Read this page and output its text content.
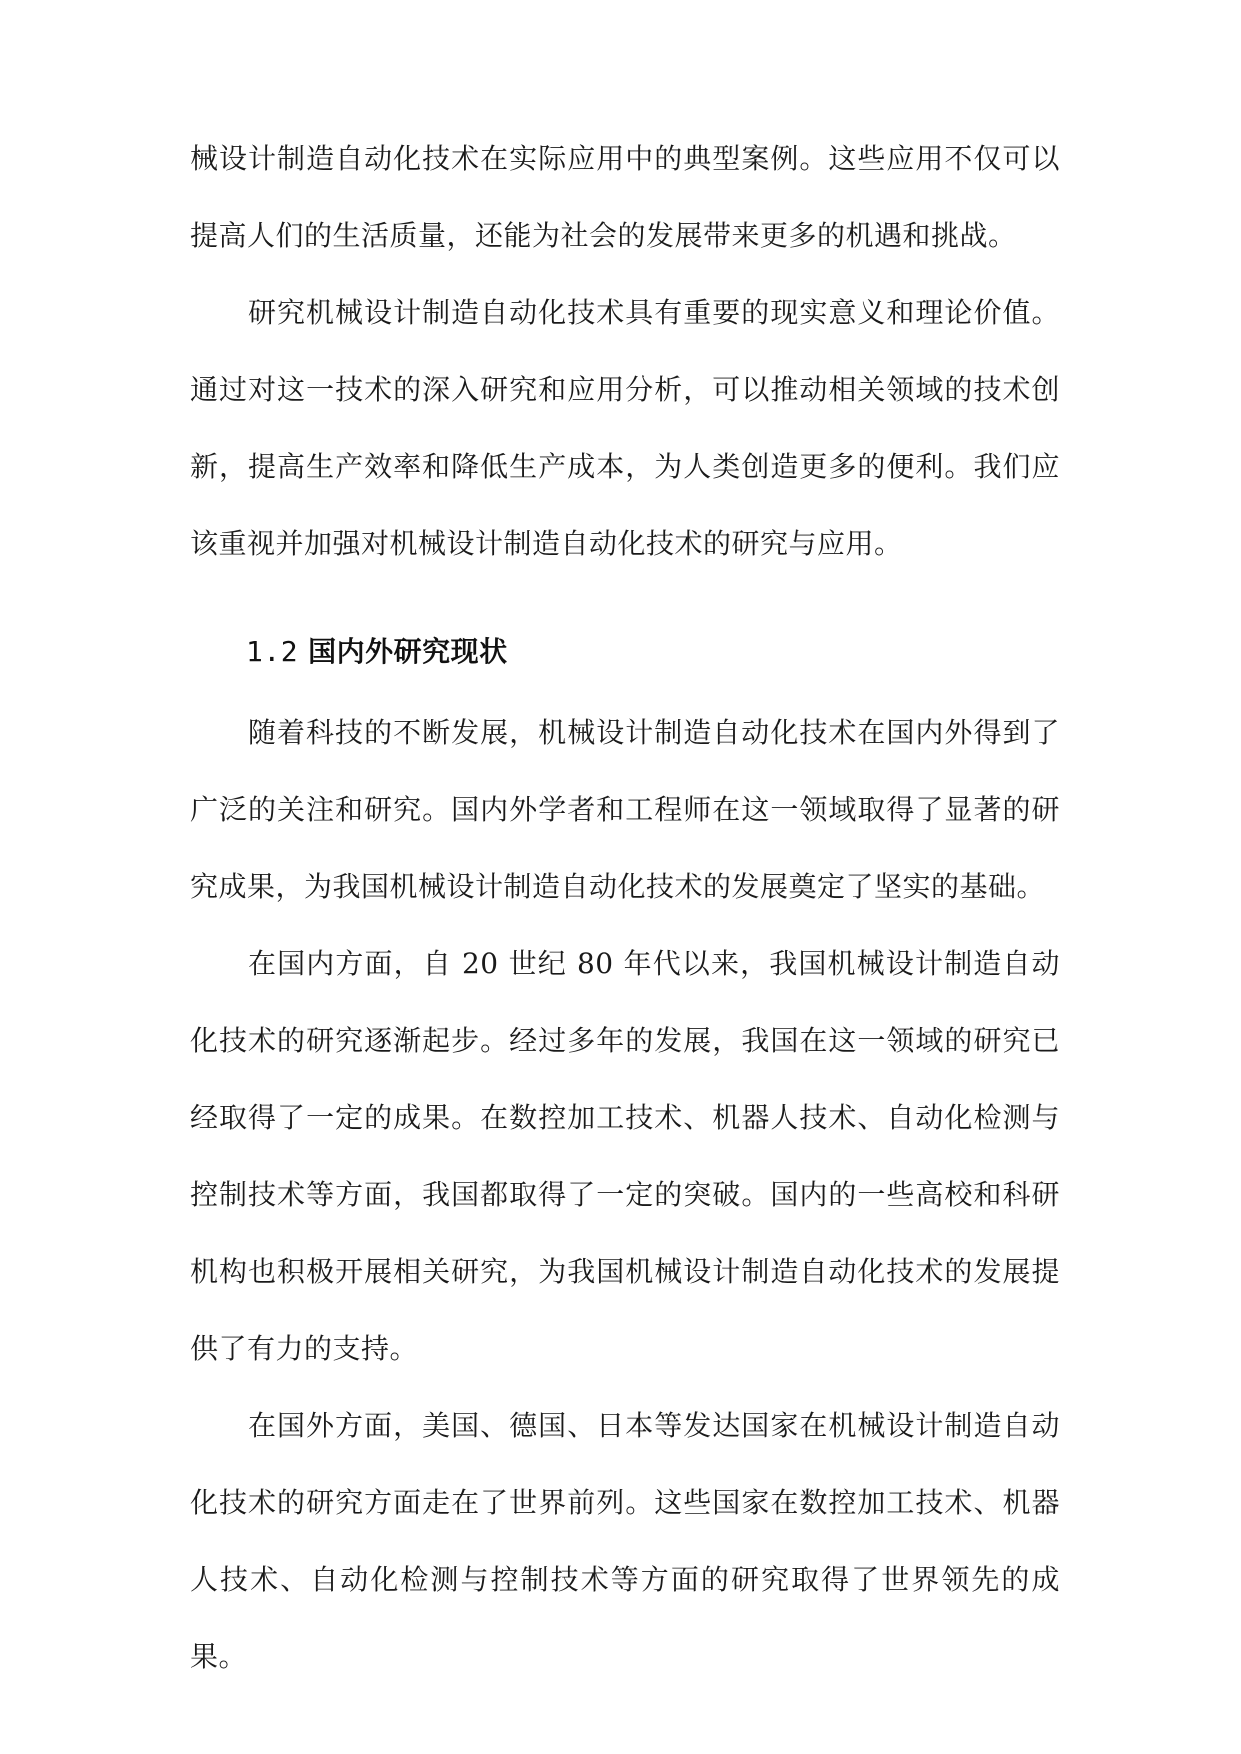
械设计制造自动化技术在实际应用中的典型案例。这些应用不仅可以提高人们的生活质量，还能为社会的发展带来更多的机遇和挑战。

研究机械设计制造自动化技术具有重要的现实意义和理论价值。通过对这一技术的深入研究和应用分析，可以推动相关领域的技术创新，提高生产效率和降低生产成本，为人类创造更多的便利。我们应该重视并加强对机械设计制造自动化技术的研究与应用。

1.2 国内外研究现状

随着科技的不断发展，机械设计制造自动化技术在国内外得到了广泛的关注和研究。国内外学者和工程师在这一领域取得了显著的研究成果，为我国机械设计制造自动化技术的发展奠定了坚实的基础。

在国内方面，自 20 世纪 80 年代以来，我国机械设计制造自动化技术的研究逐渐起步。经过多年的发展，我国在这一领域的研究已经取得了一定的成果。在数控加工技术、机器人技术、自动化检测与控制技术等方面，我国都取得了一定的突破。国内的一些高校和科研机构也积极开展相关研究，为我国机械设计制造自动化技术的发展提供了有力的支持。

在国外方面，美国、德国、日本等发达国家在机械设计制造自动化技术的研究方面走在了世界前列。这些国家在数控加工技术、机器人技术、自动化检测与控制技术等方面的研究取得了世界领先的成果。
